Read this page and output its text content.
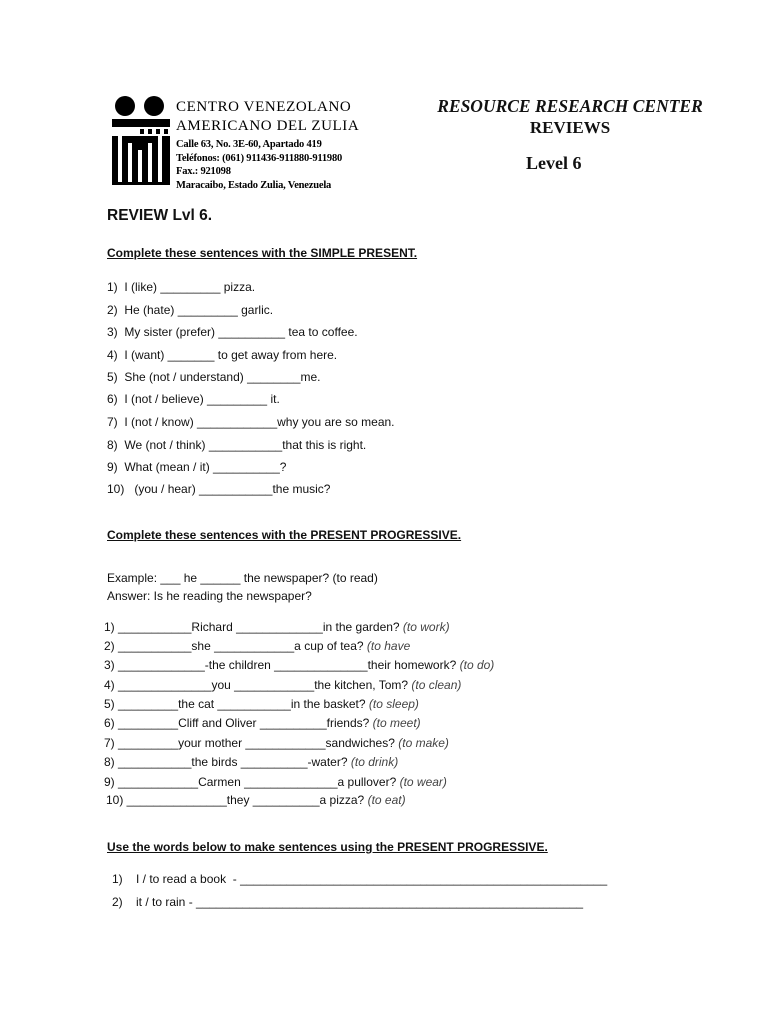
CENTRO VENEZOLANO
AMERICANO DEL ZULIA
Calle 63, No. 3E-60, Apartado 419
Teléfonos: (061) 911436-911880-911980
Fax.: 921098
Maracaibo, Estado Zulia, Venezuela
RESOURCE RESEARCH CENTER
REVIEWS
Level 6
REVIEW Lvl 6.
Complete these sentences with the SIMPLE PRESENT.
1)  I (like) _________ pizza.
2)  He (hate) _________ garlic.
3)  My sister (prefer) __________ tea to coffee.
4)  I (want) _______ to get away from here.
5)  She (not / understand) ________me.
6)  I (not / believe) _________ it.
7)  I (not / know) ____________why you are so mean.
8)  We (not / think) ___________that this is right.
9)  What (mean / it) __________?
10)   (you / hear) ___________the music?
Complete these sentences with the PRESENT PROGRESSIVE.
Example: ___ he ______ the newspaper? (to read)
Answer: Is he reading the newspaper?
1) ___________Richard _____________in the garden? (to work)
2) ___________she ____________a cup of tea? (to have
3) _____________-the children ______________their homework? (to do)
4) ______________you ____________the kitchen, Tom? (to clean)
5) _________the cat ___________in the basket? (to sleep)
6) _________Cliff and Oliver __________friends? (to meet)
7) _________your mother ____________sandwiches? (to make)
8) ___________the birds __________-water? (to drink)
9) ____________Carmen ______________a pullover? (to wear)
10) _______________they __________a pizza? (to eat)
Use the words below to make sentences using the PRESENT PROGRESSIVE.
1)    I / to read a book  - _______________________________________________________
2)    it / to rain - __________________________________________________________
